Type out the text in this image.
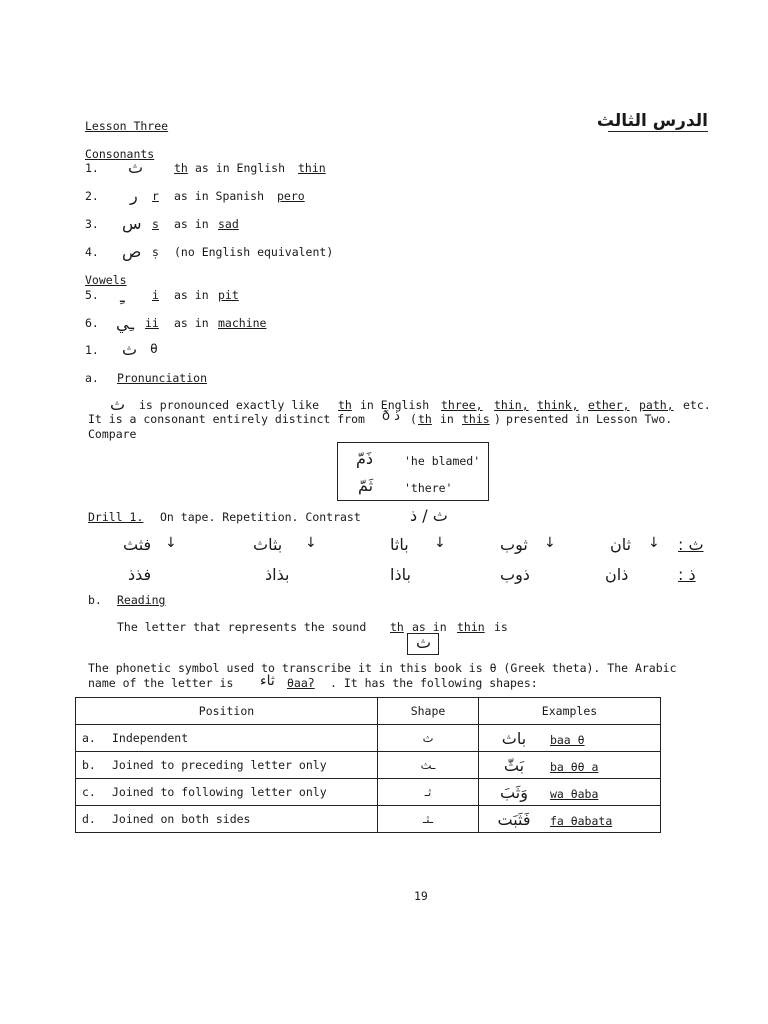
Lesson Three	الدرس الثالث
Consonants
1. ث	th as in English thin
2. ر r as in Spanish pero
3. س s as in sad
4. ص ṣ (no English equivalent)
Vowels
5. ـِ i as in pit
6. ـِي ii as in machine
1. ث θ
a. Pronunciation
ث is pronounced exactly like th in English three, thin, think, ether, path, etc.
It is a consonant entirely distinct from ذ ð ( th in this ) presented in Lesson Two.
Compare
ذَمّ	'he blamed'
ثَمّ	'there'
Drill 1. On tape. Repetition. Contrast	ث / ذ
ث :
↓
ثان
↓
ثوب
↓
باثا
↓
بثاث
↓
فثث
ذ :
ذان
ذوب
باذا
بذاذ
فذذ
b. Reading
The letter that represents the sound th as in thin is
ث
The phonetic symbol used to transcribe it in this book is θ (Greek theta). The Arabic
name of the letter is ثاء θaaʔ . It has the following shapes:
Position	Shape	Examples
a. Independent	ث	باث baa θ
b. Joined to preceding letter only	ـث	بَثّ ba θθ a
c. Joined to following letter only	ثـ	وَثَبَ wa θaba
d. Joined on both sides	ـثـ	فَثَبَت fa θabata
19
